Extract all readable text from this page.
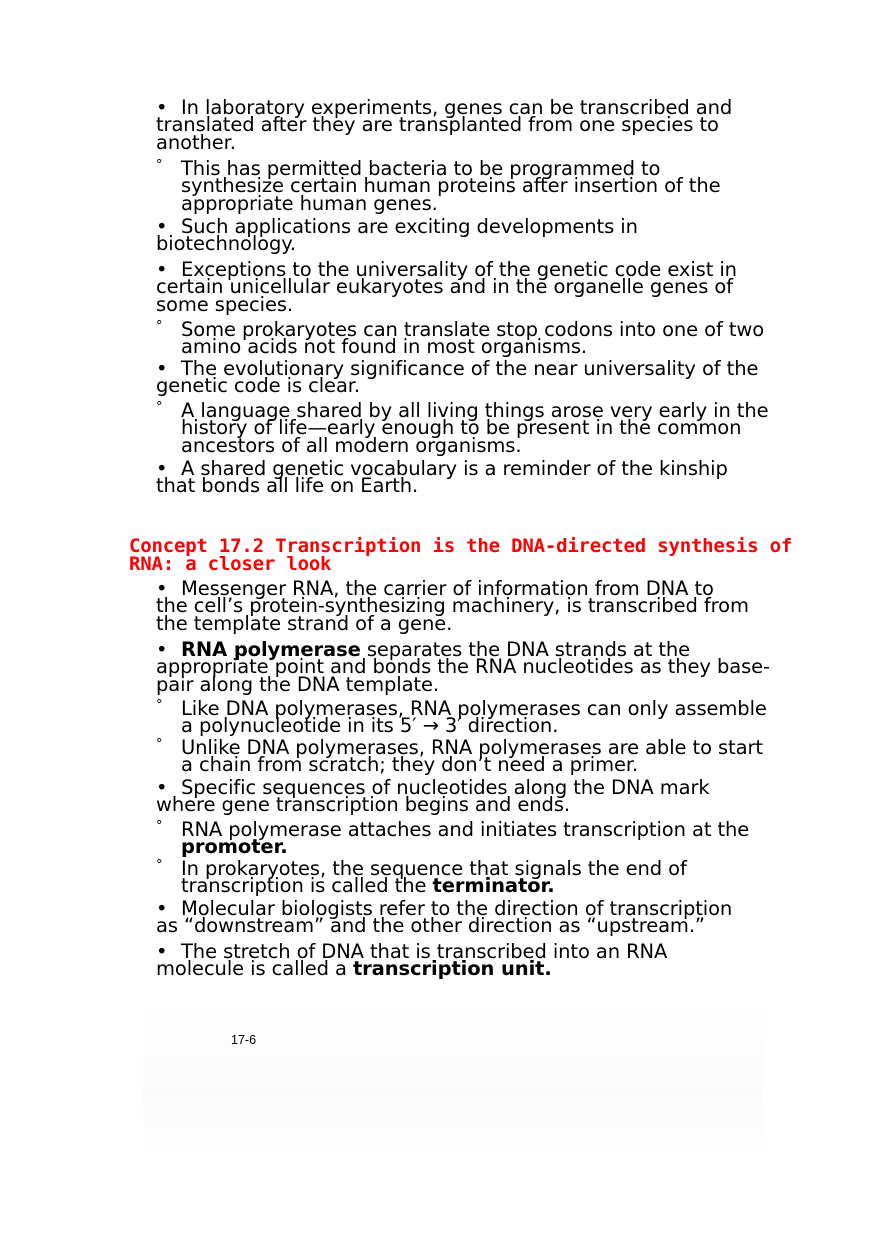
• In laboratory experiments, genes can be transcribed and
translated after they are transplanted from one species to
another.
° This has permitted bacteria to be programmed to
synthesize certain human proteins after insertion of the
appropriate human genes.
• Such applications are exciting developments in
biotechnology.
• Exceptions to the universality of the genetic code exist in
certain unicellular eukaryotes and in the organelle genes of
some species.
° Some prokaryotes can translate stop codons into one of two
amino acids not found in most organisms.
• The evolutionary significance of the near universality of the
genetic code is clear.
° A language shared by all living things arose very early in the
history of life—early enough to be present in the common
ancestors of all modern organisms.
• A shared genetic vocabulary is a reminder of the kinship
that bonds all life on Earth.
Concept 17.2 Transcription is the DNA-directed synthesis of
RNA: a closer look
• Messenger RNA, the carrier of information from DNA to
the cell’s protein-synthesizing machinery, is transcribed from
the template strand of a gene.
• RNA polymerase separates the DNA strands at the
appropriate point and bonds the RNA nucleotides as they base-
pair along the DNA template.
° Like DNA polymerases, RNA polymerases can only assemble
a polynucleotide in its 5′ → 3′ direction.
° Unlike DNA polymerases, RNA polymerases are able to start
a chain from scratch; they don’t need a primer.
• Specific sequences of nucleotides along the DNA mark
where gene transcription begins and ends.
° RNA polymerase attaches and initiates transcription at the
promoter.
° In prokaryotes, the sequence that signals the end of
transcription is called the terminator.
• Molecular biologists refer to the direction of transcription
as “downstream” and the other direction as “upstream.”
• The stretch of DNA that is transcribed into an RNA
molecule is called a transcription unit.
17-6
